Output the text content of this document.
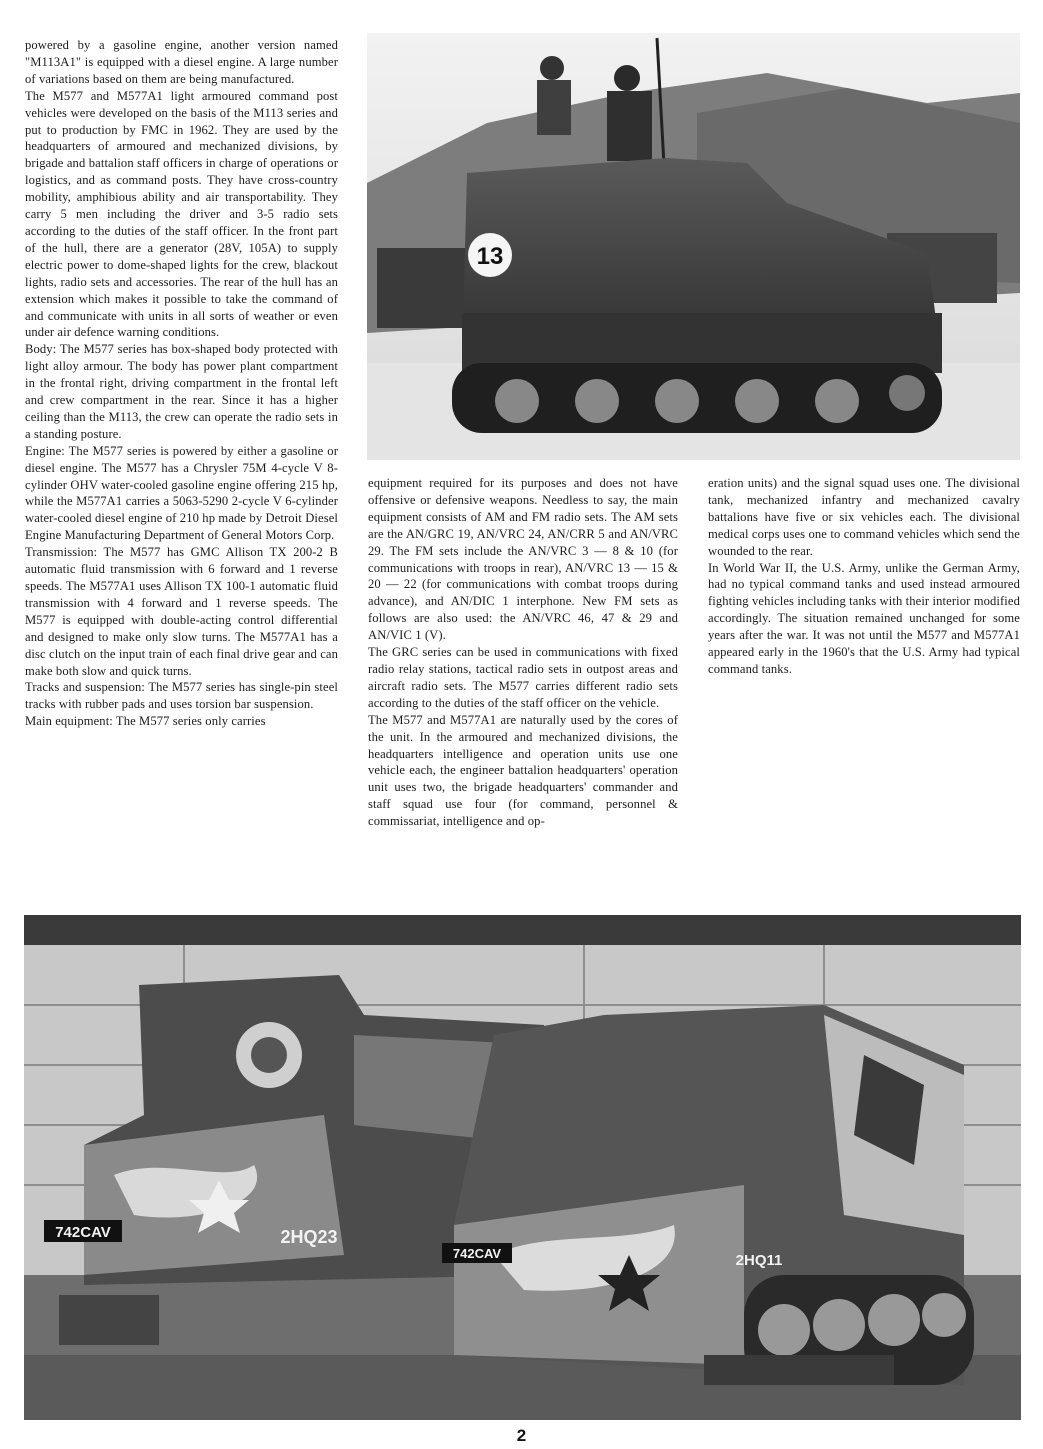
powered by a gasoline engine, another version named "M113A1" is equipped with a diesel engine. A large number of variations based on them are being manufactured.

The M577 and M577A1 light armoured command post vehicles were developed on the basis of the M113 series and put to production by FMC in 1962. They are used by the headquarters of armoured and mechanized divisions, by brigade and battalion staff officers in charge of operations or logistics, and as command posts. They have cross-country mobility, amphibious ability and air transportability. They carry 5 men including the driver and 3-5 radio sets according to the duties of the staff officer. In the front part of the hull, there are a generator (28V, 105A) to supply electric power to dome-shaped lights for the crew, blackout lights, radio sets and accessories. The rear of the hull has an extension which makes it possible to take the command of and communicate with units in all sorts of weather or even under air defence warning conditions.

Body: The M577 series has box-shaped body protected with light alloy armour. The body has power plant compartment in the frontal right, driving compartment in the frontal left and crew compartment in the rear. Since it has a higher ceiling than the M113, the crew can operate the radio sets in a standing posture.

Engine: The M577 series is powered by either a gasoline or diesel engine. The M577 has a Chrysler 75M 4-cycle V 8-cylinder OHV water-cooled gasoline engine offering 215 hp, while the M577A1 carries a 5063-5290 2-cycle V 6-cylinder water-cooled diesel engine of 210 hp made by Detroit Diesel Engine Manufacturing Department of General Motors Corp.

Transmission: The M577 has GMC Allison TX 200-2 B automatic fluid transmission with 6 forward and 1 reverse speeds. The M577A1 uses Allison TX 100-1 automatic fluid transmission with 4 forward and 1 reverse speeds. The M577 is equipped with double-acting control differential and designed to make only slow turns. The M577A1 has a disc clutch on the input train of each final drive gear and can make both slow and quick turns.

Tracks and suspension: The M577 series has single-pin steel tracks with rubber pads and uses torsion bar suspension.

Main equipment: The M577 series only carries

13

equipment required for its purposes and does not have offensive or defensive weapons. Needless to say, the main equipment consists of AM and FM radio sets. The AM sets are the AN/GRC 19, AN/VRC 24, AN/CRR 5 and AN/VRC 29. The FM sets include the AN/VRC 3 — 8 & 10 (for communications with troops in rear), AN/VRC 13 — 15 & 20 — 22 (for communications with combat troops during advance), and AN/DIC 1 interphone. New FM sets as follows are also used: the AN/VRC 46, 47 & 29 and AN/VIC 1 (V).

The GRC series can be used in communications with fixed radio relay stations, tactical radio sets in outpost areas and aircraft radio sets. The M577 carries different radio sets according to the duties of the staff officer on the vehicle.

The M577 and M577A1 are naturally used by the cores of the unit. In the armoured and mechanized divisions, the headquarters intelligence and operation units use one vehicle each, the engineer battalion headquarters' operation unit uses two, the brigade headquarters' commander and staff squad use four (for command, personnel & commissariat, intelligence and op-

eration units) and the signal squad uses one. The divisional tank, mechanized infantry and mechanized cavalry battalions have five or six vehicles each. The divisional medical corps uses one to command vehicles which send the wounded to the rear.

In World War II, the U.S. Army, unlike the German Army, had no typical command tanks and used instead armoured fighting vehicles including tanks with their interior modified accordingly. The situation remained unchanged for some years after the war. It was not until the M577 and M577A1 appeared early in the 1960's that the U.S. Army had typical command tanks.

742CAV	2HQ23
742CAV	2HQ11
2
